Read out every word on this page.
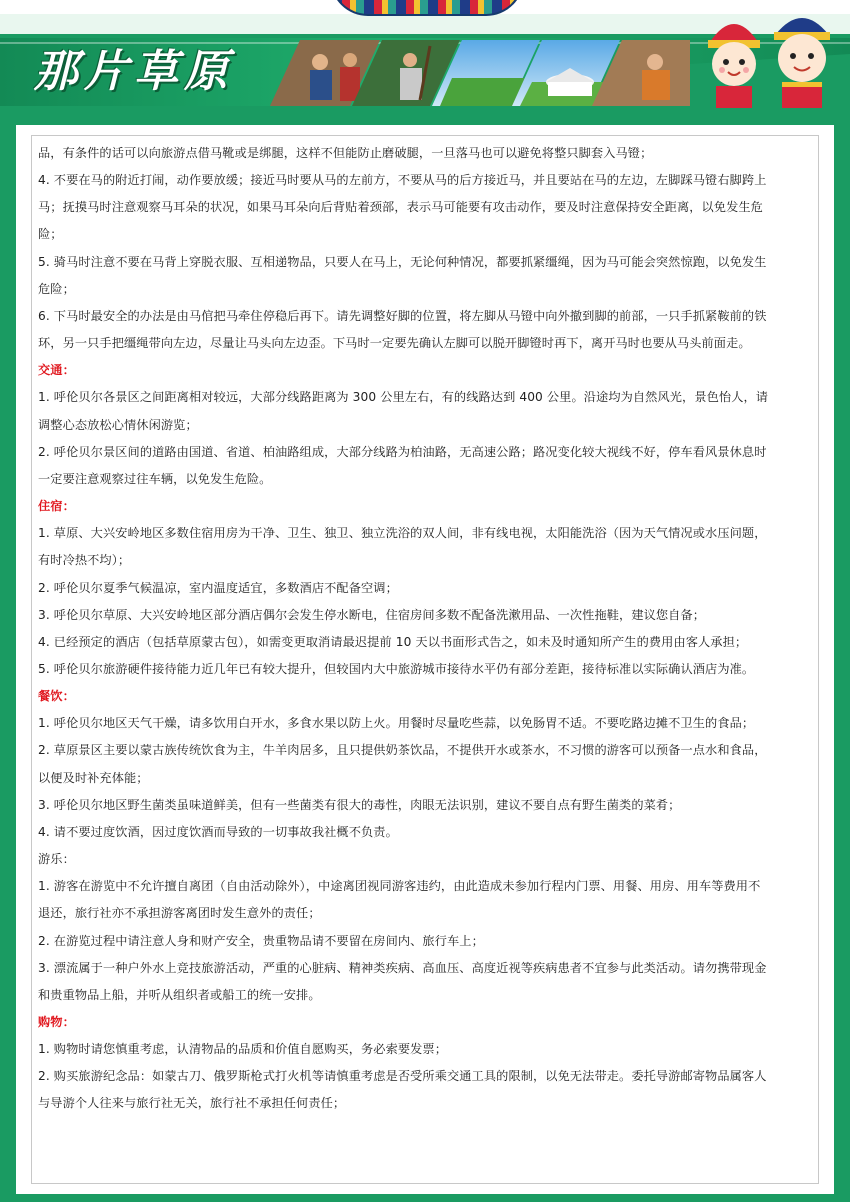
那片草原

品，有条件的话可以向旅游点借马靴或是绑腿，这样不但能防止磨破腿，一旦落马也可以避免将整只脚套入马镫；

4. 不要在马的附近打闹，动作要放缓；接近马时要从马的左前方，不要从马的后方接近马，并且要站在马的左边，左脚踩马镫右脚跨上

马；抚摸马时注意观察马耳朵的状况，如果马耳朵向后背贴着颈部，表示马可能要有攻击动作，要及时注意保持安全距离，以免发生危

险；

5. 骑马时注意不要在马背上穿脱衣服、互相递物品，只要人在马上，无论何种情况，都要抓紧缰绳，因为马可能会突然惊跑，以免发生

危险；

6. 下马时最安全的办法是由马倌把马牵住停稳后再下。请先调整好脚的位置，将左脚从马镫中向外撤到脚的前部，一只手抓紧鞍前的铁

环，另一只手把缰绳带向左边，尽量让马头向左边歪。下马时一定要先确认左脚可以脱开脚镫时再下，离开马时也要从马头前面走。

交通：

1. 呼伦贝尔各景区之间距离相对较远，大部分线路距离为 300 公里左右，有的线路达到 400 公里。沿途均为自然风光，景色怡人，请

调整心态放松心情休闲游览；

2. 呼伦贝尔景区间的道路由国道、省道、柏油路组成，大部分线路为柏油路，无高速公路；路况变化较大视线不好，停车看风景休息时

一定要注意观察过往车辆，以免发生危险。

住宿：

1. 草原、大兴安岭地区多数住宿用房为干净、卫生、独卫、独立洗浴的双人间，非有线电视，太阳能洗浴（因为天气情况或水压问题，

有时冷热不均）；

2. 呼伦贝尔夏季气候温凉，室内温度适宜，多数酒店不配备空调；

3. 呼伦贝尔草原、大兴安岭地区部分酒店偶尔会发生停水断电，住宿房间多数不配备洗漱用品、一次性拖鞋，建议您自备；

4. 已经预定的酒店（包括草原蒙古包），如需变更取消请最迟提前 10 天以书面形式告之，如未及时通知所产生的费用由客人承担；

5. 呼伦贝尔旅游硬件接待能力近几年已有较大提升，但较国内大中旅游城市接待水平仍有部分差距，接待标准以实际确认酒店为准。

餐饮：

1. 呼伦贝尔地区天气干燥，请多饮用白开水，多食水果以防上火。用餐时尽量吃些蒜，以免肠胃不适。不要吃路边摊不卫生的食品；

2. 草原景区主要以蒙古族传统饮食为主，牛羊肉居多，且只提供奶茶饮品，不提供开水或茶水，不习惯的游客可以预备一点水和食品，

以便及时补充体能；

3. 呼伦贝尔地区野生菌类虽味道鲜美，但有一些菌类有很大的毒性，肉眼无法识别，建议不要自点有野生菌类的菜肴；

4. 请不要过度饮酒，因过度饮酒而导致的一切事故我社概不负责。

游乐：

1. 游客在游览中不允许擅自离团（自由活动除外），中途离团视同游客违约，由此造成未参加行程内门票、用餐、用房、用车等费用不

退还，旅行社亦不承担游客离团时发生意外的责任；

2. 在游览过程中请注意人身和财产安全，贵重物品请不要留在房间内、旅行车上；

3. 漂流属于一种户外水上竞技旅游活动，严重的心脏病、精神类疾病、高血压、高度近视等疾病患者不宜参与此类活动。请勿携带现金

和贵重物品上船，并听从组织者或船工的统一安排。

购物：

1. 购物时请您慎重考虑，认清物品的品质和价值自愿购买，务必索要发票；

2. 购买旅游纪念品：如蒙古刀、俄罗斯枪式打火机等请慎重考虑是否受所乘交通工具的限制，以免无法带走。委托导游邮寄物品属客人

与导游个人往来与旅行社无关，旅行社不承担任何责任；
